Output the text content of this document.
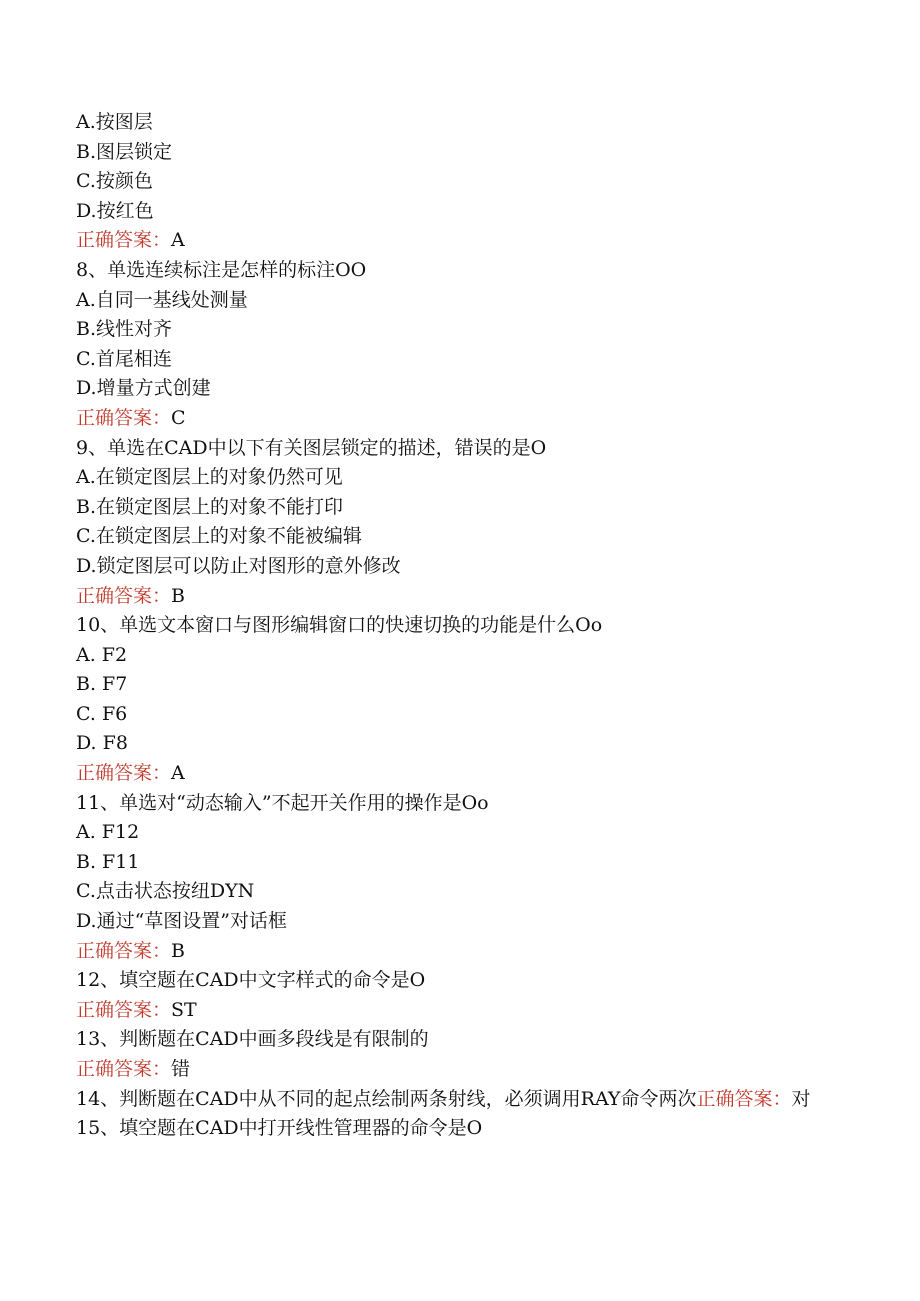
A.按图层
B.图层锁定
C.按颜色
D.按红色
正确答案：A
8、单选连续标注是怎样的标注OO
A.自同一基线处测量
B.线性对齐
C.首尾相连
D.增量方式创建
正确答案：C
9、单选在CAD中以下有关图层锁定的描述，错误的是O
A.在锁定图层上的对象仍然可见
B.在锁定图层上的对象不能打印
C.在锁定图层上的对象不能被编辑
D.锁定图层可以防止对图形的意外修改
正确答案：B
10、单选文本窗口与图形编辑窗口的快速切换的功能是什么Oo
A. F2
B. F7
C. F6
D. F8
正确答案：A
11、单选对“动态输入”不起开关作用的操作是Oo
A. F12
B. F11
C.点击状态按纽DYN
D.通过“草图设置”对话框
正确答案：B
12、填空题在CAD中文字样式的命令是O
正确答案：ST
13、判断题在CAD中画多段线是有限制的
正确答案：错
14、判断题在CAD中从不同的起点绘制两条射线，必须调用RAY命令两次正确答案：对
15、填空题在CAD中打开线性管理器的命令是O
